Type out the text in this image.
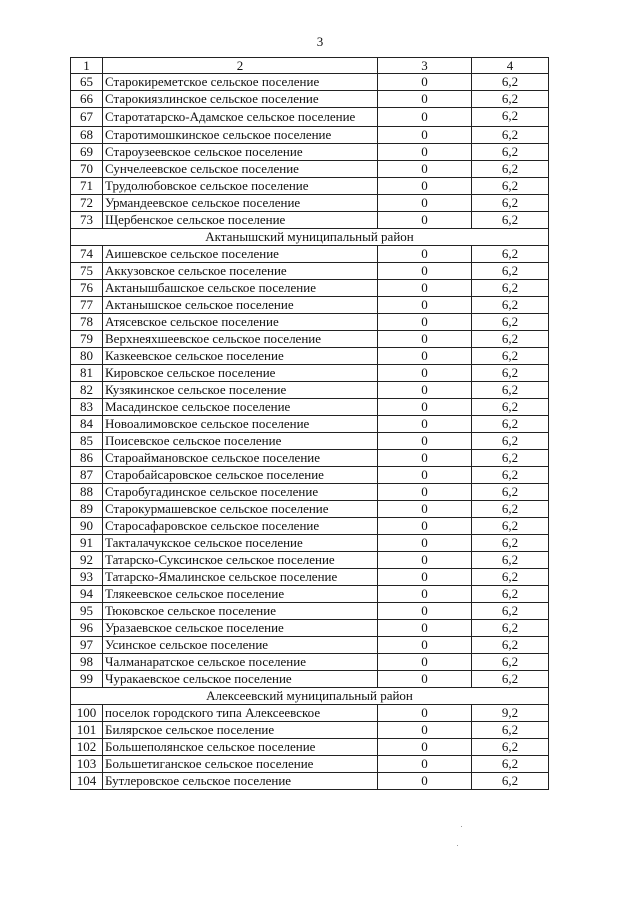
3
1	2	3	4
65	Старокиреметское сельское поселение	0	6,2
66	Старокиязлинское сельское поселение	0	6,2
67	Старотатарско-Адамское сельское поселение	0	6,2
68	Старотимошкинское сельское поселение	0	6,2
69	Староузеевское сельское поселение	0	6,2
70	Сунчелеевское сельское поселение	0	6,2
71	Трудолюбовское сельское поселение	0	6,2
72	Урмандеевское сельское поселение	0	6,2
73	Щербенское сельское поселение	0	6,2
Актанышский муниципальный район			
74	Аишевское сельское поселение	0	6,2
75	Аккузовское сельское поселение	0	6,2
76	Актанышбашское сельское поселение	0	6,2
77	Актанышское сельское поселение	0	6,2
78	Атясевское сельское поселение	0	6,2
79	Верхнеяхшеевское сельское поселение	0	6,2
80	Казкеевское сельское поселение	0	6,2
81	Кировское сельское поселение	0	6,2
82	Кузякинское сельское поселение	0	6,2
83	Масадинское сельское поселение	0	6,2
84	Новоалимовское сельское поселение	0	6,2
85	Поисевское сельское поселение	0	6,2
86	Староаймановское сельское поселение	0	6,2
87	Старобайсаровское сельское поселение	0	6,2
88	Старобугадинское сельское поселение	0	6,2
89	Старокурмашевское сельское поселение	0	6,2
90	Старосафаровское сельское поселение	0	6,2
91	Такталачукское сельское поселение	0	6,2
92	Татарско-Суксинское сельское поселение	0	6,2
93	Татарско-Ямалинское сельское поселение	0	6,2
94	Тлякеевское сельское поселение	0	6,2
95	Тюковское сельское поселение	0	6,2
96	Уразаевское сельское поселение	0	6,2
97	Усинское сельское поселение	0	6,2
98	Чалманаратское сельское поселение	0	6,2
99	Чуракаевское сельское поселение	0	6,2
Алексеевский муниципальный район			
100	поселок городского типа Алексеевское	0	9,2
101	Билярское сельское поселение	0	6,2
102	Большеполянское сельское поселение	0	6,2
103	Большетиганское сельское поселение	0	6,2
104	Бутлеровское сельское поселение	0	6,2
